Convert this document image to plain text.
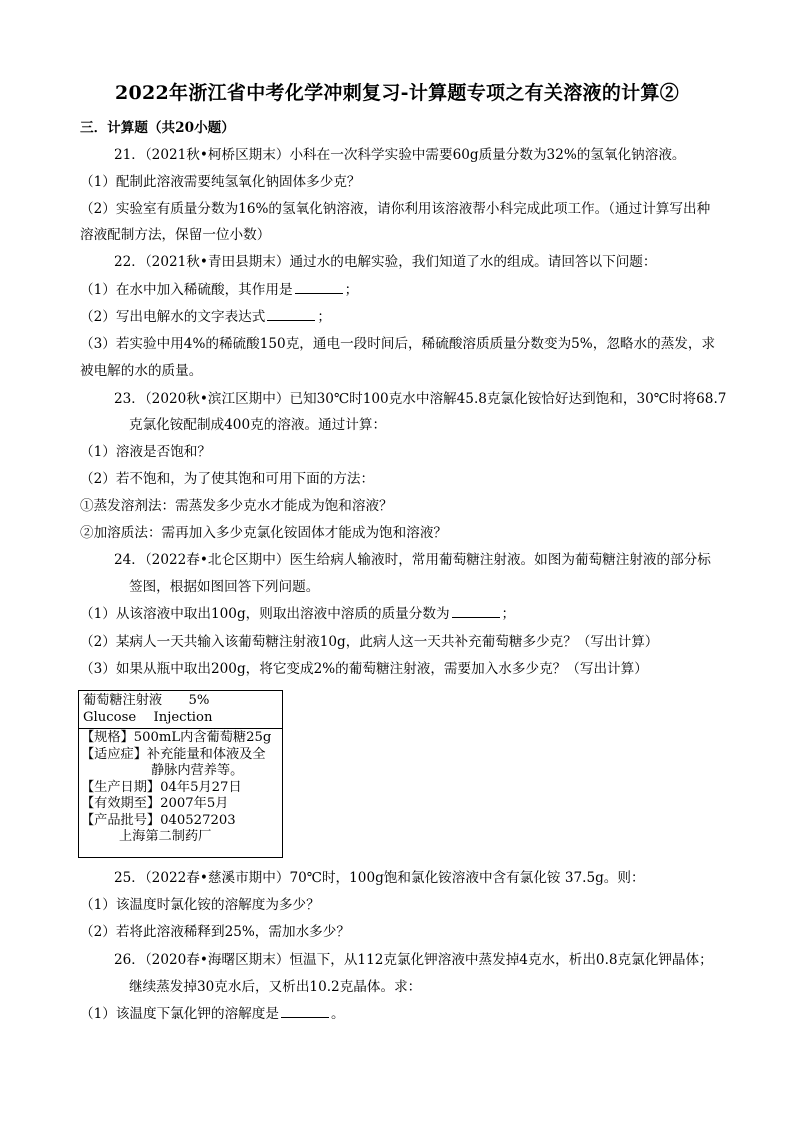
2022年浙江省中考化学冲刺复习-计算题专项之有关溶液的计算②
三．计算题（共20小题）
21．（2021秋•柯桥区期末）小科在一次科学实验中需要60g质量分数为32%的氢氧化钠溶液。
（1）配制此溶液需要纯氢氧化钠固体多少克？
（2）实验室有质量分数为16%的氢氧化钠溶液，请你利用该溶液帮小科完成此项工作。（通过计算写出种
溶液配制方法，保留一位小数）
22．（2021秋•青田县期末）通过水的电解实验，我们知道了水的组成。请回答以下问题：
（1）在水中加入稀硫酸，其作用是	；
（2）写出电解水的文字表达式	；
（3）若实验中用4%的稀硫酸150克，通电一段时间后，稀硫酸溶质质量分数变为5%，忽略水的蒸发，求
被电解的水的质量。
23．（2020秋•滨江区期中）已知30℃时100克水中溶解45.8克氯化铵恰好达到饱和，30℃时将68.7
克氯化铵配制成400克的溶液。通过计算：
（1）溶液是否饱和？
（2）若不饱和，为了使其饱和可用下面的方法：
①蒸发溶剂法：需蒸发多少克水才能成为饱和溶液？
②加溶质法：需再加入多少克氯化铵固体才能成为饱和溶液？
24．（2022春•北仑区期中）医生给病人输液时，常用葡萄糖注射液。如图为葡萄糖注射液的部分标
签图，根据如图回答下列问题。
（1）从该溶液中取出100g，则取出溶液中溶质的质量分数为	；
（2）某病人一天共输入该葡萄糖注射液10g，此病人这一天共补充葡萄糖多少克？（写出计算）
（3）如果从瓶中取出200g，将它变成2%的葡萄糖注射液，需要加入水多少克？（写出计算）
葡萄糖注射液　　5%
Glucose　 Injection
【规格】500mL内含葡萄糖25g
【适应症】补充能量和体液及全
静脉内营养等。
【生产日期】04年5月27日
【有效期至】2007年5月
【产品批号】040527203
上海第二制药厂
25．（2022春•慈溪市期中）70℃时，100g饱和氯化铵溶液中含有氯化铵 37.5g。则：
（1）该温度时氯化铵的溶解度为多少？
（2）若将此溶液稀释到25%，需加水多少？
26．（2020春•海曙区期末）恒温下，从112克氯化钾溶液中蒸发掉4克水，析出0.8克氯化钾晶体；
继续蒸发掉30克水后，又析出10.2克晶体。求：
（1）该温度下氯化钾的溶解度是	。
